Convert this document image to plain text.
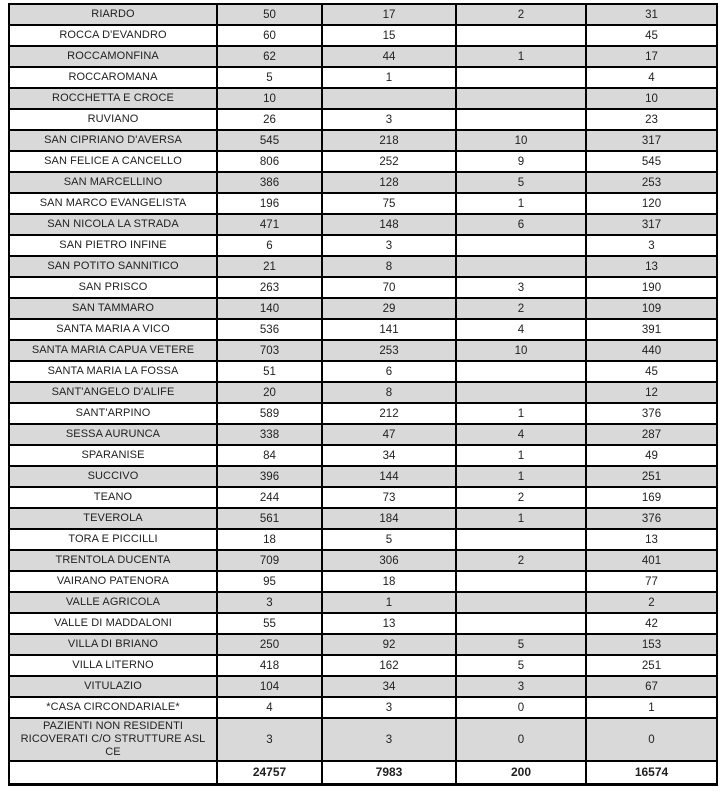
RIARDO	50	17	2	31
ROCCA D'EVANDRO	60	15		45
ROCCAMONFINA	62	44	1	17
ROCCAROMANA	5	1		4
ROCCHETTA E CROCE	10			10
RUVIANO	26	3		23
SAN CIPRIANO D'AVERSA	545	218	10	317
SAN FELICE A CANCELLO	806	252	9	545
SAN MARCELLINO	386	128	5	253
SAN MARCO EVANGELISTA	196	75	1	120
SAN NICOLA LA STRADA	471	148	6	317
SAN PIETRO INFINE	6	3		3
SAN POTITO SANNITICO	21	8		13
SAN PRISCO	263	70	3	190
SAN TAMMARO	140	29	2	109
SANTA MARIA A VICO	536	141	4	391
SANTA MARIA CAPUA VETERE	703	253	10	440
SANTA MARIA LA FOSSA	51	6		45
SANT'ANGELO D'ALIFE	20	8		12
SANT'ARPINO	589	212	1	376
SESSA AURUNCA	338	47	4	287
SPARANISE	84	34	1	49
SUCCIVO	396	144	1	251
TEANO	244	73	2	169
TEVEROLA	561	184	1	376
TORA E PICCILLI	18	5		13
TRENTOLA DUCENTA	709	306	2	401
VAIRANO PATENORA	95	18		77
VALLE AGRICOLA	3	1		2
VALLE DI MADDALONI	55	13		42
VILLA DI BRIANO	250	92	5	153
VILLA LITERNO	418	162	5	251
VITULAZIO	104	34	3	67
*CASA CIRCONDARIALE*	4	3	0	1
PAZIENTI NON RESIDENTI RICOVERATI C/O STRUTTURE ASL CE	3	3	0	0
	24757	7983	200	16574
